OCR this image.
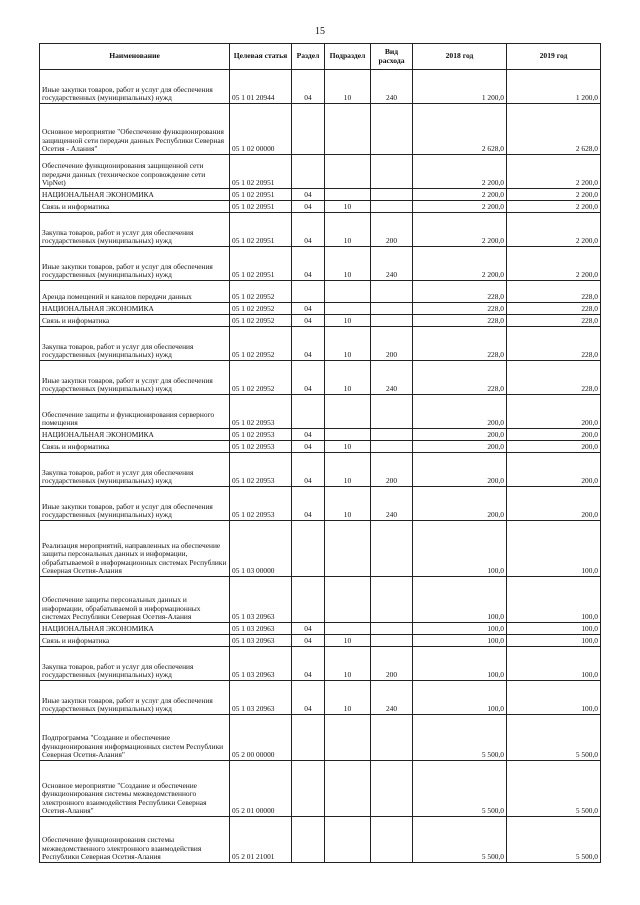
15
Наименование	Целевая статья	Раздел	Подраздел	Вид расхода	2018 год	2019 год
Иные закупки товаров, работ и услуг для обеспечения государственных (муниципальных) нужд	05 1 01 20944	04	10	240	1 200,0	1 200,0
Основное мероприятие "Обеспечение функционирования защищенной сети передачи данных Республики Северная Осетия - Алания"	05 1 02 00000				2 628,0	2 628,0
Обеспечение функционирования защищенной сети передачи данных (техническое сопровождение сети VipNet)	05 1 02 20951				2 200,0	2 200,0
НАЦИОНАЛЬНАЯ ЭКОНОМИКА	05 1 02 20951	04			2 200,0	2 200,0
Связь и информатика	05 1 02 20951	04	10		2 200,0	2 200,0
Закупка товаров, работ и услуг для обеспечения государственных (муниципальных) нужд	05 1 02 20951	04	10	200	2 200,0	2 200,0
Иные закупки товаров, работ и услуг для обеспечения государственных (муниципальных) нужд	05 1 02 20951	04	10	240	2 200,0	2 200,0
Аренда помещений и каналов передачи данных	05 1 02 20952				228,0	228,0
НАЦИОНАЛЬНАЯ ЭКОНОМИКА	05 1 02 20952	04			228,0	228,0
Связь и информатика	05 1 02 20952	04	10		228,0	228,0
Закупка товаров, работ и услуг для обеспечения государственных (муниципальных) нужд	05 1 02 20952	04	10	200	228,0	228,0
Иные закупки товаров, работ и услуг для обеспечения государственных (муниципальных) нужд	05 1 02 20952	04	10	240	228,0	228,0
Обеспечение защиты и функционирования серверного помещения	05 1 02 20953				200,0	200,0
НАЦИОНАЛЬНАЯ ЭКОНОМИКА	05 1 02 20953	04			200,0	200,0
Связь и информатика	05 1 02 20953	04	10		200,0	200,0
Закупка товаров, работ и услуг для обеспечения государственных (муниципальных) нужд	05 1 02 20953	04	10	200	200,0	200,0
Иные закупки товаров, работ и услуг для обеспечения государственных (муниципальных) нужд	05 1 02 20953	04	10	240	200,0	200,0
Реализация мероприятий, направленных на обеспечение защиты персональных данных и информации, обрабатываемой в информационных системах Республики Северная Осетия-Алания	05 1 03 00000				100,0	100,0
Обеспечение защиты персональных данных и информации, обрабатываемой в информационных системах Республики Северная Осетия-Алания	05 1 03 20963				100,0	100,0
НАЦИОНАЛЬНАЯ ЭКОНОМИКА	05 1 03 20963	04			100,0	100,0
Связь и информатика	05 1 03 20963	04	10		100,0	100,0
Закупка товаров, работ и услуг для обеспечения государственных (муниципальных) нужд	05 1 03 20963	04	10	200	100,0	100,0
Иные закупки товаров, работ и услуг для обеспечения государственных (муниципальных) нужд	05 1 03 20963	04	10	240	100,0	100,0
Подпрограмма "Создание и обеспечение функционирования информационных систем Республики Северная Осетия-Алания"	05 2 00 00000				5 500,0	5 500,0
Основное мероприятие "Создание и обеспечение функционирования системы межведомственного электронного взаимодействия Республики Северная Осетия-Алания"	05 2 01 00000				5 500,0	5 500,0
Обеспечение функционирования системы межведомственного электронного взаимодействия Республики Северная Осетия-Алания	05 2 01 21001				5 500,0	5 500,0
